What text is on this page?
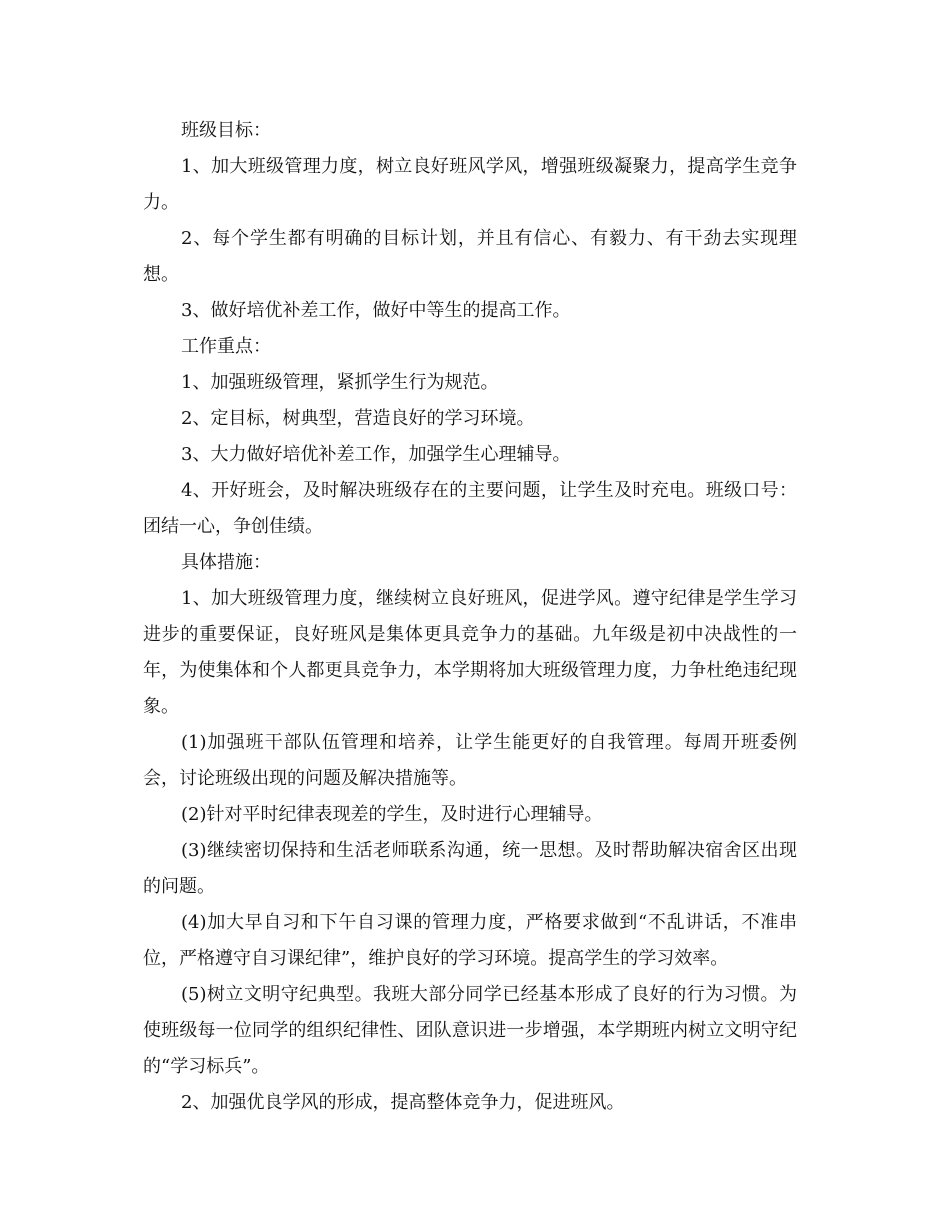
班级目标：

1、加大班级管理力度，树立良好班风学风，增强班级凝聚力，提高学生竞争力。

2、每个学生都有明确的目标计划，并且有信心、有毅力、有干劲去实现理想。

3、做好培优补差工作，做好中等生的提高工作。

工作重点：

1、加强班级管理，紧抓学生行为规范。

2、定目标，树典型，营造良好的学习环境。

3、大力做好培优补差工作，加强学生心理辅导。

4、开好班会，及时解决班级存在的主要问题，让学生及时充电。班级口号：团结一心，争创佳绩。

具体措施：

1、加大班级管理力度，继续树立良好班风，促进学风。遵守纪律是学生学习进步的重要保证，良好班风是集体更具竞争力的基础。九年级是初中决战性的一年，为使集体和个人都更具竞争力，本学期将加大班级管理力度，力争杜绝违纪现象。

(1)加强班干部队伍管理和培养，让学生能更好的自我管理。每周开班委例会，讨论班级出现的问题及解决措施等。

(2)针对平时纪律表现差的学生，及时进行心理辅导。

(3)继续密切保持和生活老师联系沟通，统一思想。及时帮助解决宿舍区出现的问题。

(4)加大早自习和下午自习课的管理力度，严格要求做到“不乱讲话，不准串位，严格遵守自习课纪律”，维护良好的学习环境。提高学生的学习效率。

(5)树立文明守纪典型。我班大部分同学已经基本形成了良好的行为习惯。为使班级每一位同学的组织纪律性、团队意识进一步增强，本学期班内树立文明守纪的“学习标兵”。

2、加强优良学风的形成，提高整体竞争力，促进班风。
